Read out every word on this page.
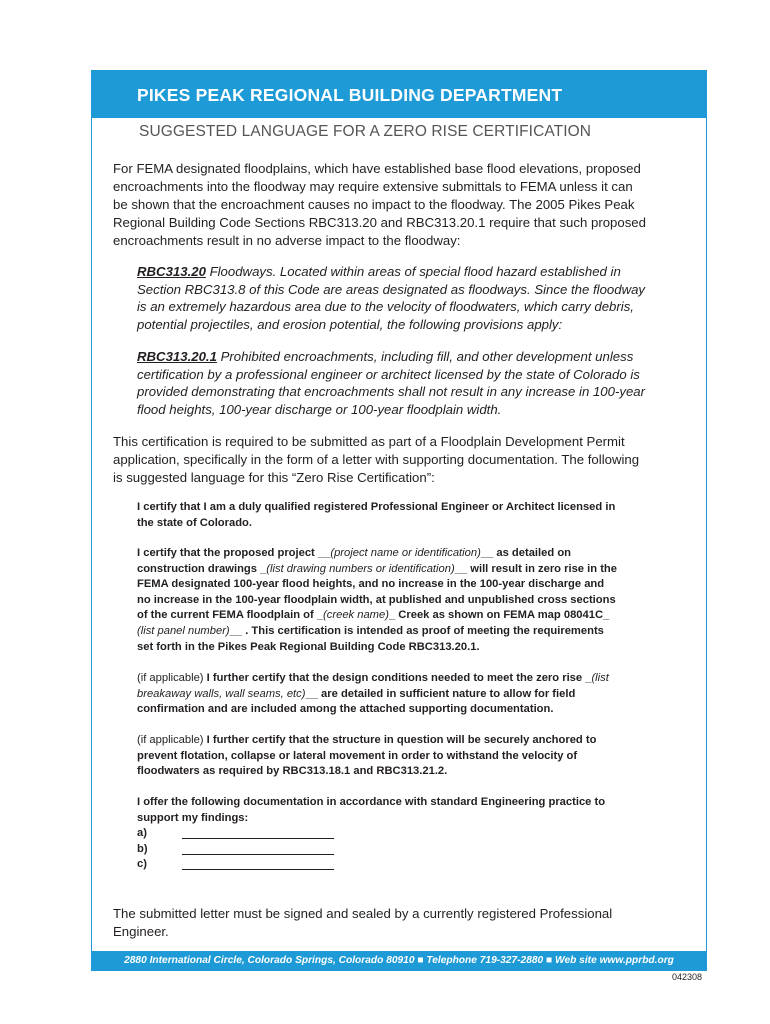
PIKES PEAK REGIONAL BUILDING DEPARTMENT
SUGGESTED LANGUAGE FOR A ZERO RISE CERTIFICATION

For FEMA designated floodplains, which have established base flood elevations, proposed

encroachments into the floodway may require extensive submittals to FEMA unless it can

be shown that the encroachment causes no impact to the floodway. The 2005 Pikes Peak

Regional Building Code Sections RBC313.20 and RBC313.20.1 require that such proposed

encroachments result in no adverse impact to the floodway:

RBC313.20 Floodways. Located within areas of special flood hazard established in
Section RBC313.8 of this Code are areas designated as floodways. Since the floodway
is an extremely hazardous area due to the velocity of floodwaters, which carry debris,
potential projectiles, and erosion potential, the following provisions apply:
RBC313.20.1 Prohibited encroachments, including fill, and other development unless
certification by a professional engineer or architect licensed by the state of Colorado is
provided demonstrating that encroachments shall not result in any increase in 100-year
flood heights, 100-year discharge or 100-year floodplain width.

This certification is required to be submitted as part of a Floodplain Development Permit

application, specifically in the form of a letter with supporting documentation. The following

is suggested language for this “Zero Rise Certification”:

I certify that I am a duly qualified registered Professional Engineer or Architect licensed in
the state of Colorado.
I certify that the proposed project __(project name or identification)__ as detailed on
construction drawings _(list drawing numbers or identification)__ will result in zero rise in the
FEMA designated 100-year flood heights, and no increase in the 100-year discharge and
no increase in the 100-year floodplain width, at published and unpublished cross sections
of the current FEMA floodplain of _(creek name)_ Creek as shown on FEMA map 08041C_
(list panel number)__ . This certification is intended as proof of meeting the requirements
set forth in the Pikes Peak Regional Building Code RBC313.20.1.
(if applicable) I further certify that the design conditions needed to meet the zero rise _(list
breakaway walls, wall seams, etc)__ are detailed in sufficient nature to allow for field
confirmation and are included among the attached supporting documentation.
(if applicable) I further certify that the structure in question will be securely anchored to
prevent flotation, collapse or lateral movement in order to withstand the velocity of
floodwaters as required by RBC313.18.1 and RBC313.21.2.
I offer the following documentation in accordance with standard Engineering practice to
support my findings:
a)
b)
c)

The submitted letter must be signed and sealed by a currently registered Professional

Engineer.

2880 International Circle, Colorado Springs, Colorado 80910 ■ Telephone 719-327-2880 ■ Web site www.pprbd.org
042308
